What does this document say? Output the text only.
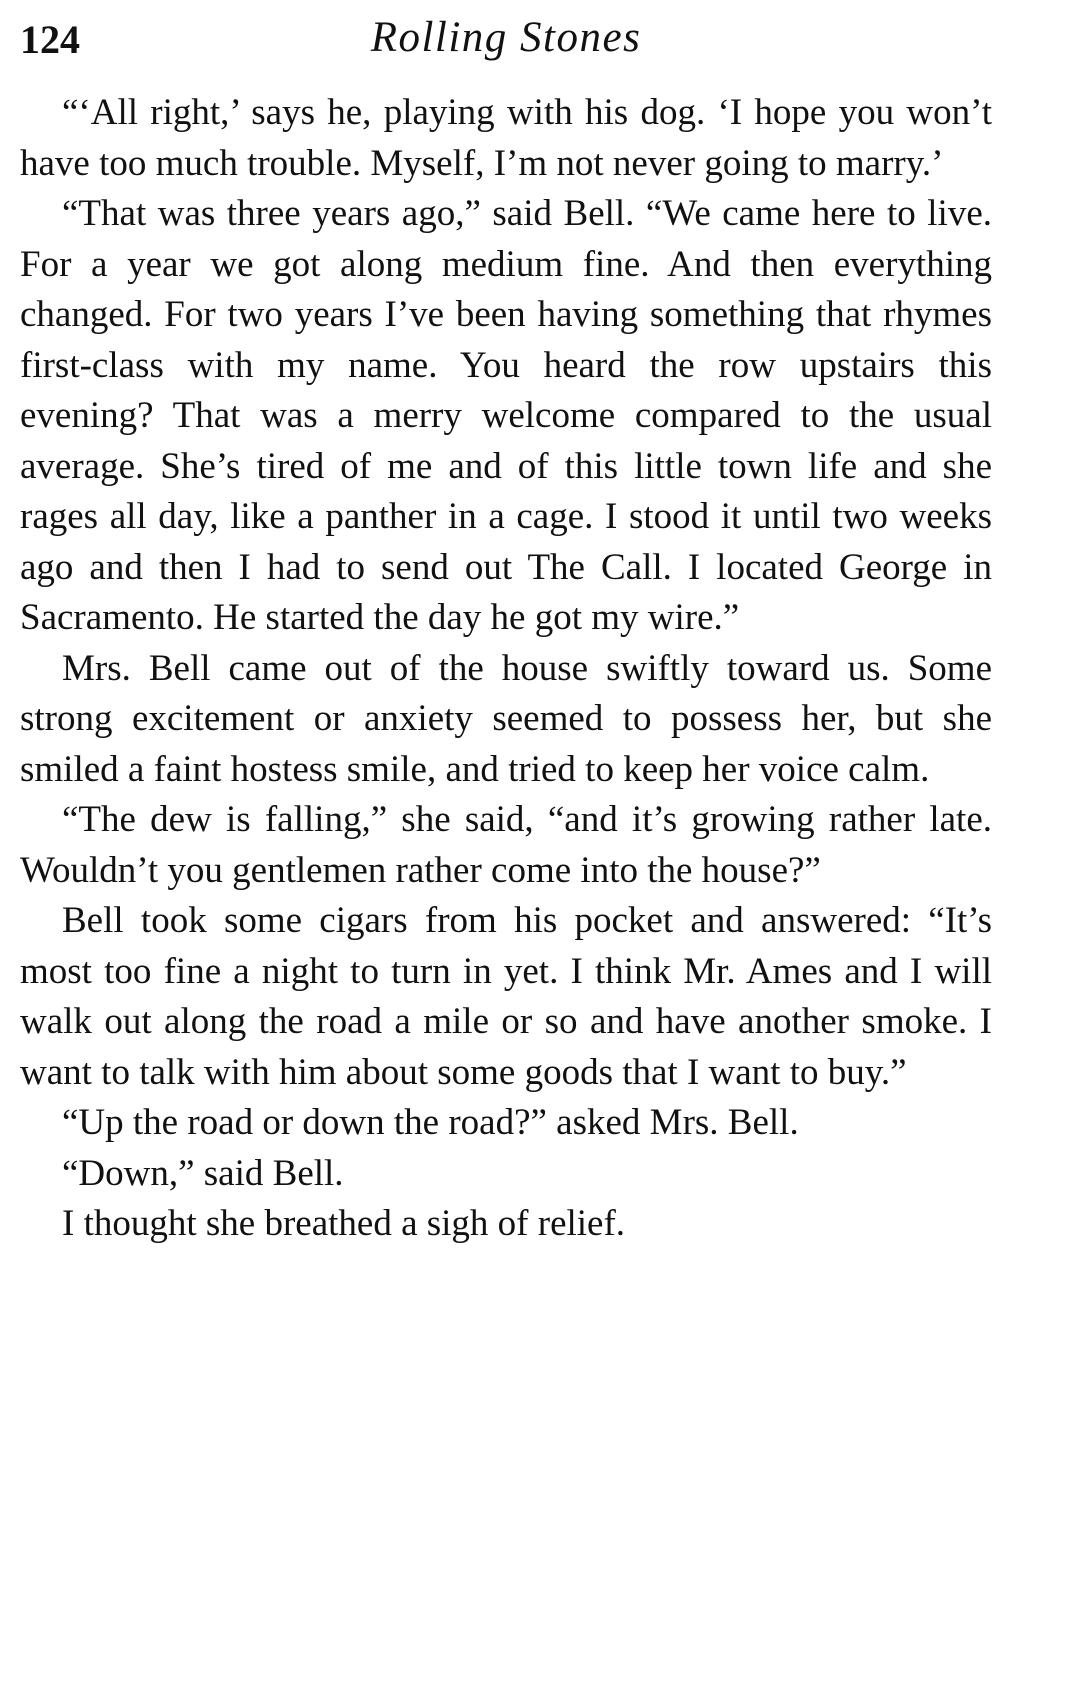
124	Rolling Stones

“‘All right,’ says he, playing with his dog. ‘I hope you won’t have too much trouble. Myself, I’m not never going to marry.’

“That was three years ago,” said Bell. “We came here to live. For a year we got along medium fine. And then everything changed. For two years I’ve been having something that rhymes first-class with my name. You heard the row upstairs this evening? That was a merry welcome compared to the usual average. She’s tired of me and of this little town life and she rages all day, like a panther in a cage. I stood it until two weeks ago and then I had to send out The Call. I located George in Sacramento. He started the day he got my wire.”

Mrs. Bell came out of the house swiftly toward us. Some strong excitement or anxiety seemed to possess her, but she smiled a faint hostess smile, and tried to keep her voice calm.

“The dew is falling,” she said, “and it’s growing rather late. Wouldn’t you gentlemen rather come into the house?”

Bell took some cigars from his pocket and answered: “It’s most too fine a night to turn in yet. I think Mr. Ames and I will walk out along the road a mile or so and have another smoke. I want to talk with him about some goods that I want to buy.”

“Up the road or down the road?” asked Mrs. Bell.

“Down,” said Bell.

I thought she breathed a sigh of relief.
